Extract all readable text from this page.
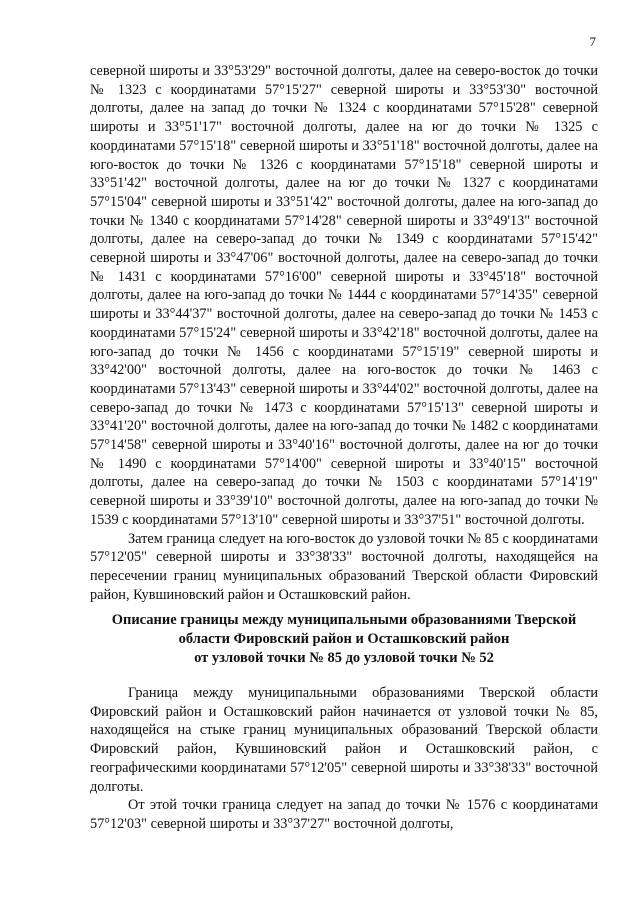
7

северной широты и 33°53'29" восточной долготы, далее на северо-восток до точки № 1323 с координатами 57°15'27" северной широты и 33°53'30" восточной долготы, далее на запад до точки № 1324 с координатами 57°15'28" северной широты и 33°51'17" восточной долготы, далее на юг до точки № 1325 с координатами 57°15'18" северной широты и 33°51'18" восточной долготы, далее на юго-восток до точки № 1326 с координатами 57°15'18" северной широты и 33°51'42" восточной долготы, далее на юг до точки № 1327 с координатами 57°15'04" северной широты и 33°51'42" восточной долготы, далее на юго-запад до точки № 1340 с координатами 57°14'28" северной широты и 33°49'13" восточной долготы, далее на северо-запад до точки № 1349 с координатами 57°15'42" северной широты и 33°47'06" восточной долготы, далее на северо-запад до точки № 1431 с координатами 57°16'00" северной широты и 33°45'18" восточной долготы, далее на юго-запад до точки № 1444 с координатами 57°14'35" северной широты и 33°44'37" восточной долготы, далее на северо-запад до точки № 1453 с координатами 57°15'24" северной широты и 33°42'18" восточной долготы, далее на юго-запад до точки № 1456 с координатами 57°15'19" северной широты и 33°42'00" восточной долготы, далее на юго-восток до точки № 1463 с координатами 57°13'43" северной широты и 33°44'02" восточной долготы, далее на северо-запад до точки № 1473 с координатами 57°15'13" северной широты и 33°41'20" восточной долготы, далее на юго-запад до точки № 1482 с координатами 57°14'58" северной широты и 33°40'16" восточной долготы, далее на юг до точки № 1490 с координатами 57°14'00" северной широты и 33°40'15" восточной долготы, далее на северо-запад до точки № 1503 с координатами 57°14'19" северной широты и 33°39'10" восточной долготы, далее на юго-запад до точки № 1539 с координатами 57°13'10" северной широты и 33°37'51" восточной долготы.

Затем граница следует на юго-восток до узловой точки № 85 с координатами 57°12'05" северной широты и 33°38'33" восточной долготы, находящейся на пересечении границ муниципальных образований Тверской области Фировский район, Кувшиновский район и Осташковский район.

Описание границы между муниципальными образованиями Тверской
области Фировский район и Осташковский район
от узловой точки № 85 до узловой точки № 52

Граница между муниципальными образованиями Тверской области Фировский район и Осташковский район начинается от узловой точки № 85, находящейся на стыке границ муниципальных образований Тверской области Фировский район, Кувшиновский район и Осташковский район, с географическими координатами 57°12'05" северной широты и 33°38'33" восточной долготы.

От этой точки граница следует на запад до точки № 1576 с координатами 57°12'03" северной широты и 33°37'27" восточной долготы,
